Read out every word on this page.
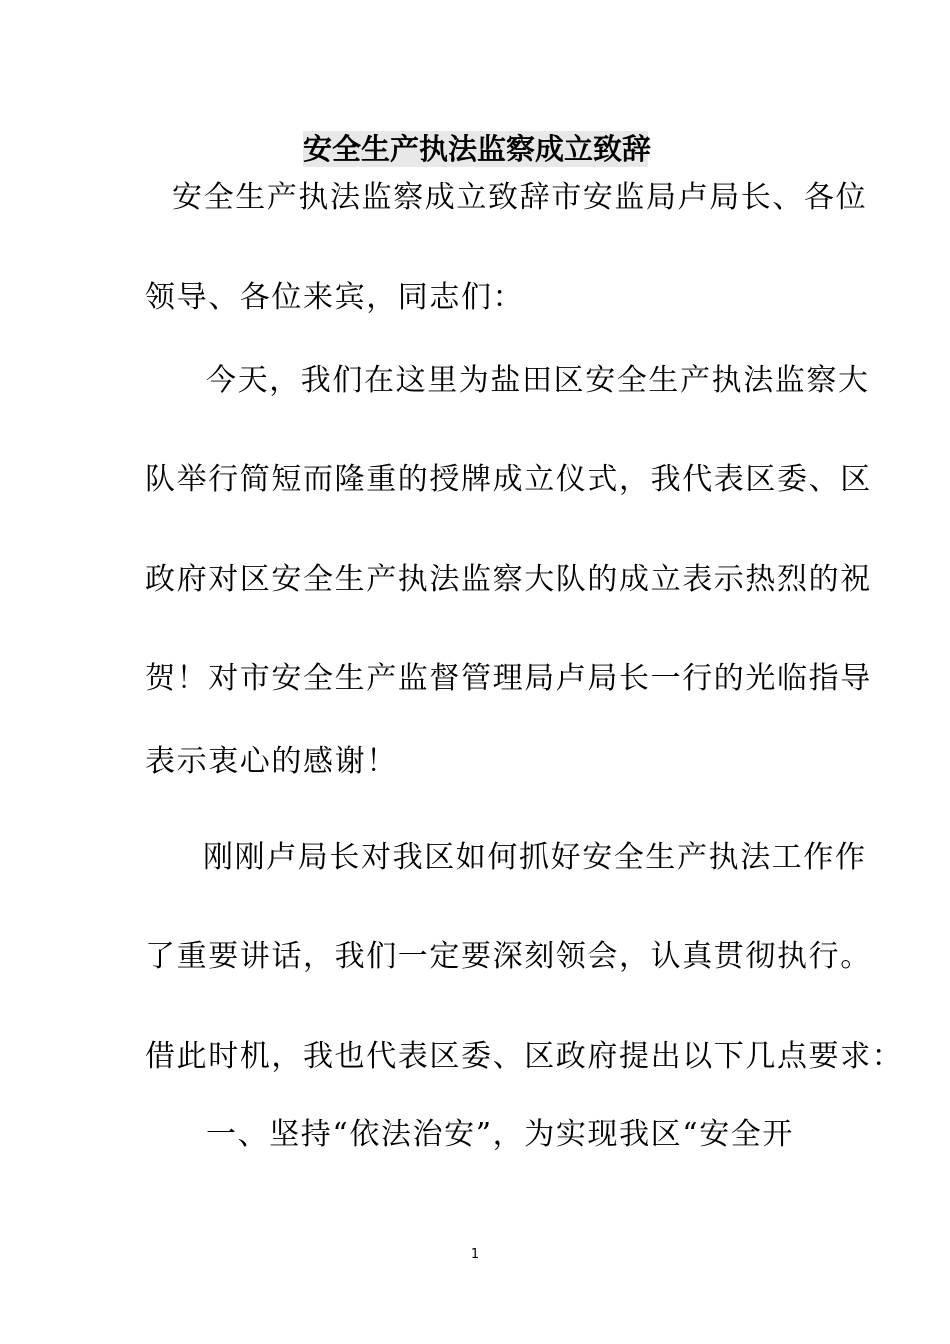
安全生产执法监察成立致辞
安全生产执法监察成立致辞市安监局卢局长、各位
领导、各位来宾，同志们：
今天，我们在这里为盐田区安全生产执法监察大
队举行简短而隆重的授牌成立仪式，我代表区委、区
政府对区安全生产执法监察大队的成立表示热烈的祝
贺！对市安全生产监督管理局卢局长一行的光临指导
表示衷心的感谢！
刚刚卢局长对我区如何抓好安全生产执法工作作
了重要讲话，我们一定要深刻领会，认真贯彻执行。
借此时机，我也代表区委、区政府提出以下几点要求：
一、坚持“依法治安”，为实现我区“安全开
1
